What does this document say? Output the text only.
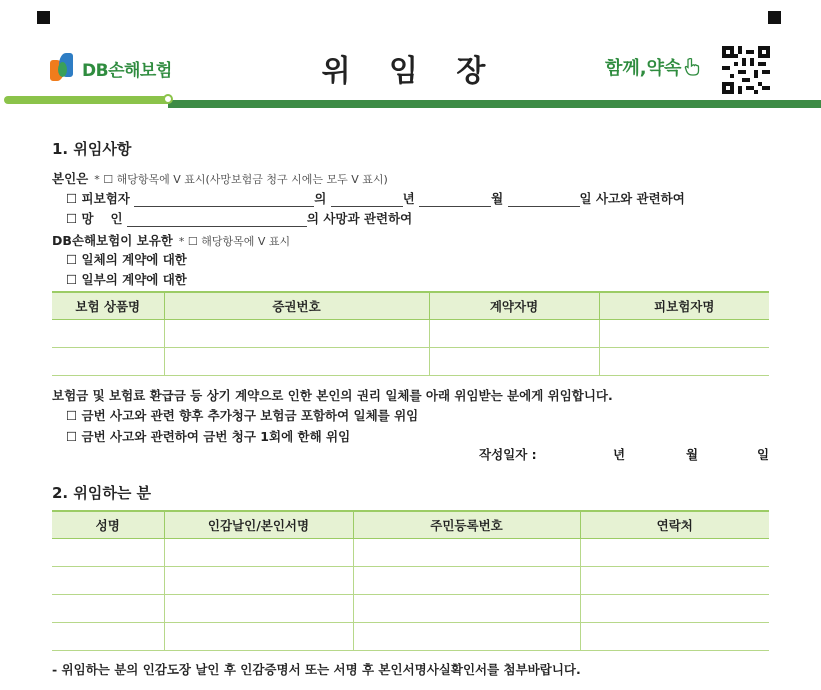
DB손해보험	위 임 장	함께,약속
1. 위임사항
본인은 * ☐ 해당항목에 V 표시(사망보험금 청구 시에는 모두 V 표시)
☐ 피보험자	의	년	월	일 사고와 관련하여
☐ 망　 인	의 사망과 관련하여
DB손해보험이 보유한 * ☐ 해당항목에 V 표시
☐ 일체의 계약에 대한
☐ 일부의 계약에 대한
보험 상품명	증권번호	계약자명	피보험자명

보험금 및 보험료 환급금 등 상기 계약으로 인한 본인의 권리 일체를 아래 위임받는 분에게 위임합니다.
☐ 금번 사고와 관련 향후 추가청구 보험금 포함하여 일체를 위임
☐ 금번 사고와 관련하여 금번 청구 1회에 한해 위임
작성일자 :	년	월	일
2. 위임하는 분
성명	인감날인/본인서명	주민등록번호	연락처

- 위임하는 분의 인감도장 날인 후 인감증명서 또는 서명 후 본인서명사실확인서를 첨부바랍니다.
